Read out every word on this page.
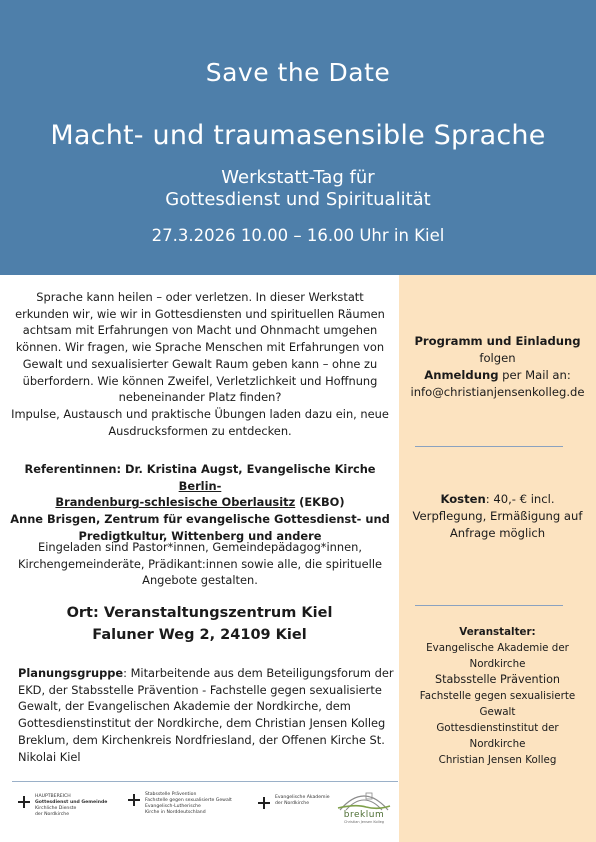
Save the Date
Macht- und traumasensible Sprache
Werkstatt-Tag für
Gottesdienst und Spiritualität
27.3.2026 10.00 – 16.00 Uhr in Kiel
Sprache kann heilen – oder verletzen. In dieser Werkstatt
erkunden wir, wie wir in Gottesdiensten und spirituellen Räumen
achtsam mit Erfahrungen von Macht und Ohnmacht umgehen
können. Wir fragen, wie Sprache Menschen mit Erfahrungen von
Gewalt und sexualisierter Gewalt Raum geben kann – ohne zu
überfordern. Wie können Zweifel, Verletzlichkeit und Hoffnung
nebeneinander Platz finden?
Impulse, Austausch und praktische Übungen laden dazu ein, neue
Ausdrucksformen zu entdecken.
Referentinnen: Dr. Kristina Augst, Evangelische Kirche Berlin-
Brandenburg-schlesische Oberlausitz (EKBO)
Anne Brisgen, Zentrum für evangelische Gottesdienst- und
Predigtkultur, Wittenberg und andere
Eingeladen sind Pastor*innen, Gemeindepädagog*innen,
Kirchengemeinderäte, Prädikant:innen sowie alle, die spirituelle
Angebote gestalten.
Ort: Veranstaltungszentrum Kiel
Faluner Weg 2, 24109 Kiel
Planungsgruppe: Mitarbeitende aus dem Beteiligungsforum der
EKD, der Stabsstelle Prävention - Fachstelle gegen sexualisierte
Gewalt, der Evangelischen Akademie der Nordkirche, dem
Gottesdienstinstitut der Nordkirche, dem Christian Jensen Kolleg
Breklum, dem Kirchenkreis Nordfriesland, der Offenen Kirche St.
Nikolai Kiel
HAUPTBEREICH
Gottesdienst und Gemeinde
Kirchliche Dienste
der Nordkirche
Stabsstelle Prävention
Fachstelle gegen sexualisierte Gewalt
Evangelisch-Lutherische
Kirche in Norddeutschland
Evangelische Akademie
der Nordkirche
breklum
Christian Jensen Kolleg
Programm und Einladung
folgen
Anmeldung per Mail an:
info@christianjensenkolleg.de
Kosten: 40,- € incl.
Verpflegung, Ermäßigung auf
Anfrage möglich
Veranstalter:
Evangelische Akademie der
Nordkirche
Stabsstelle Prävention
Fachstelle gegen sexualisierte
Gewalt
Gottesdienstinstitut der
Nordkirche
Christian Jensen Kolleg
